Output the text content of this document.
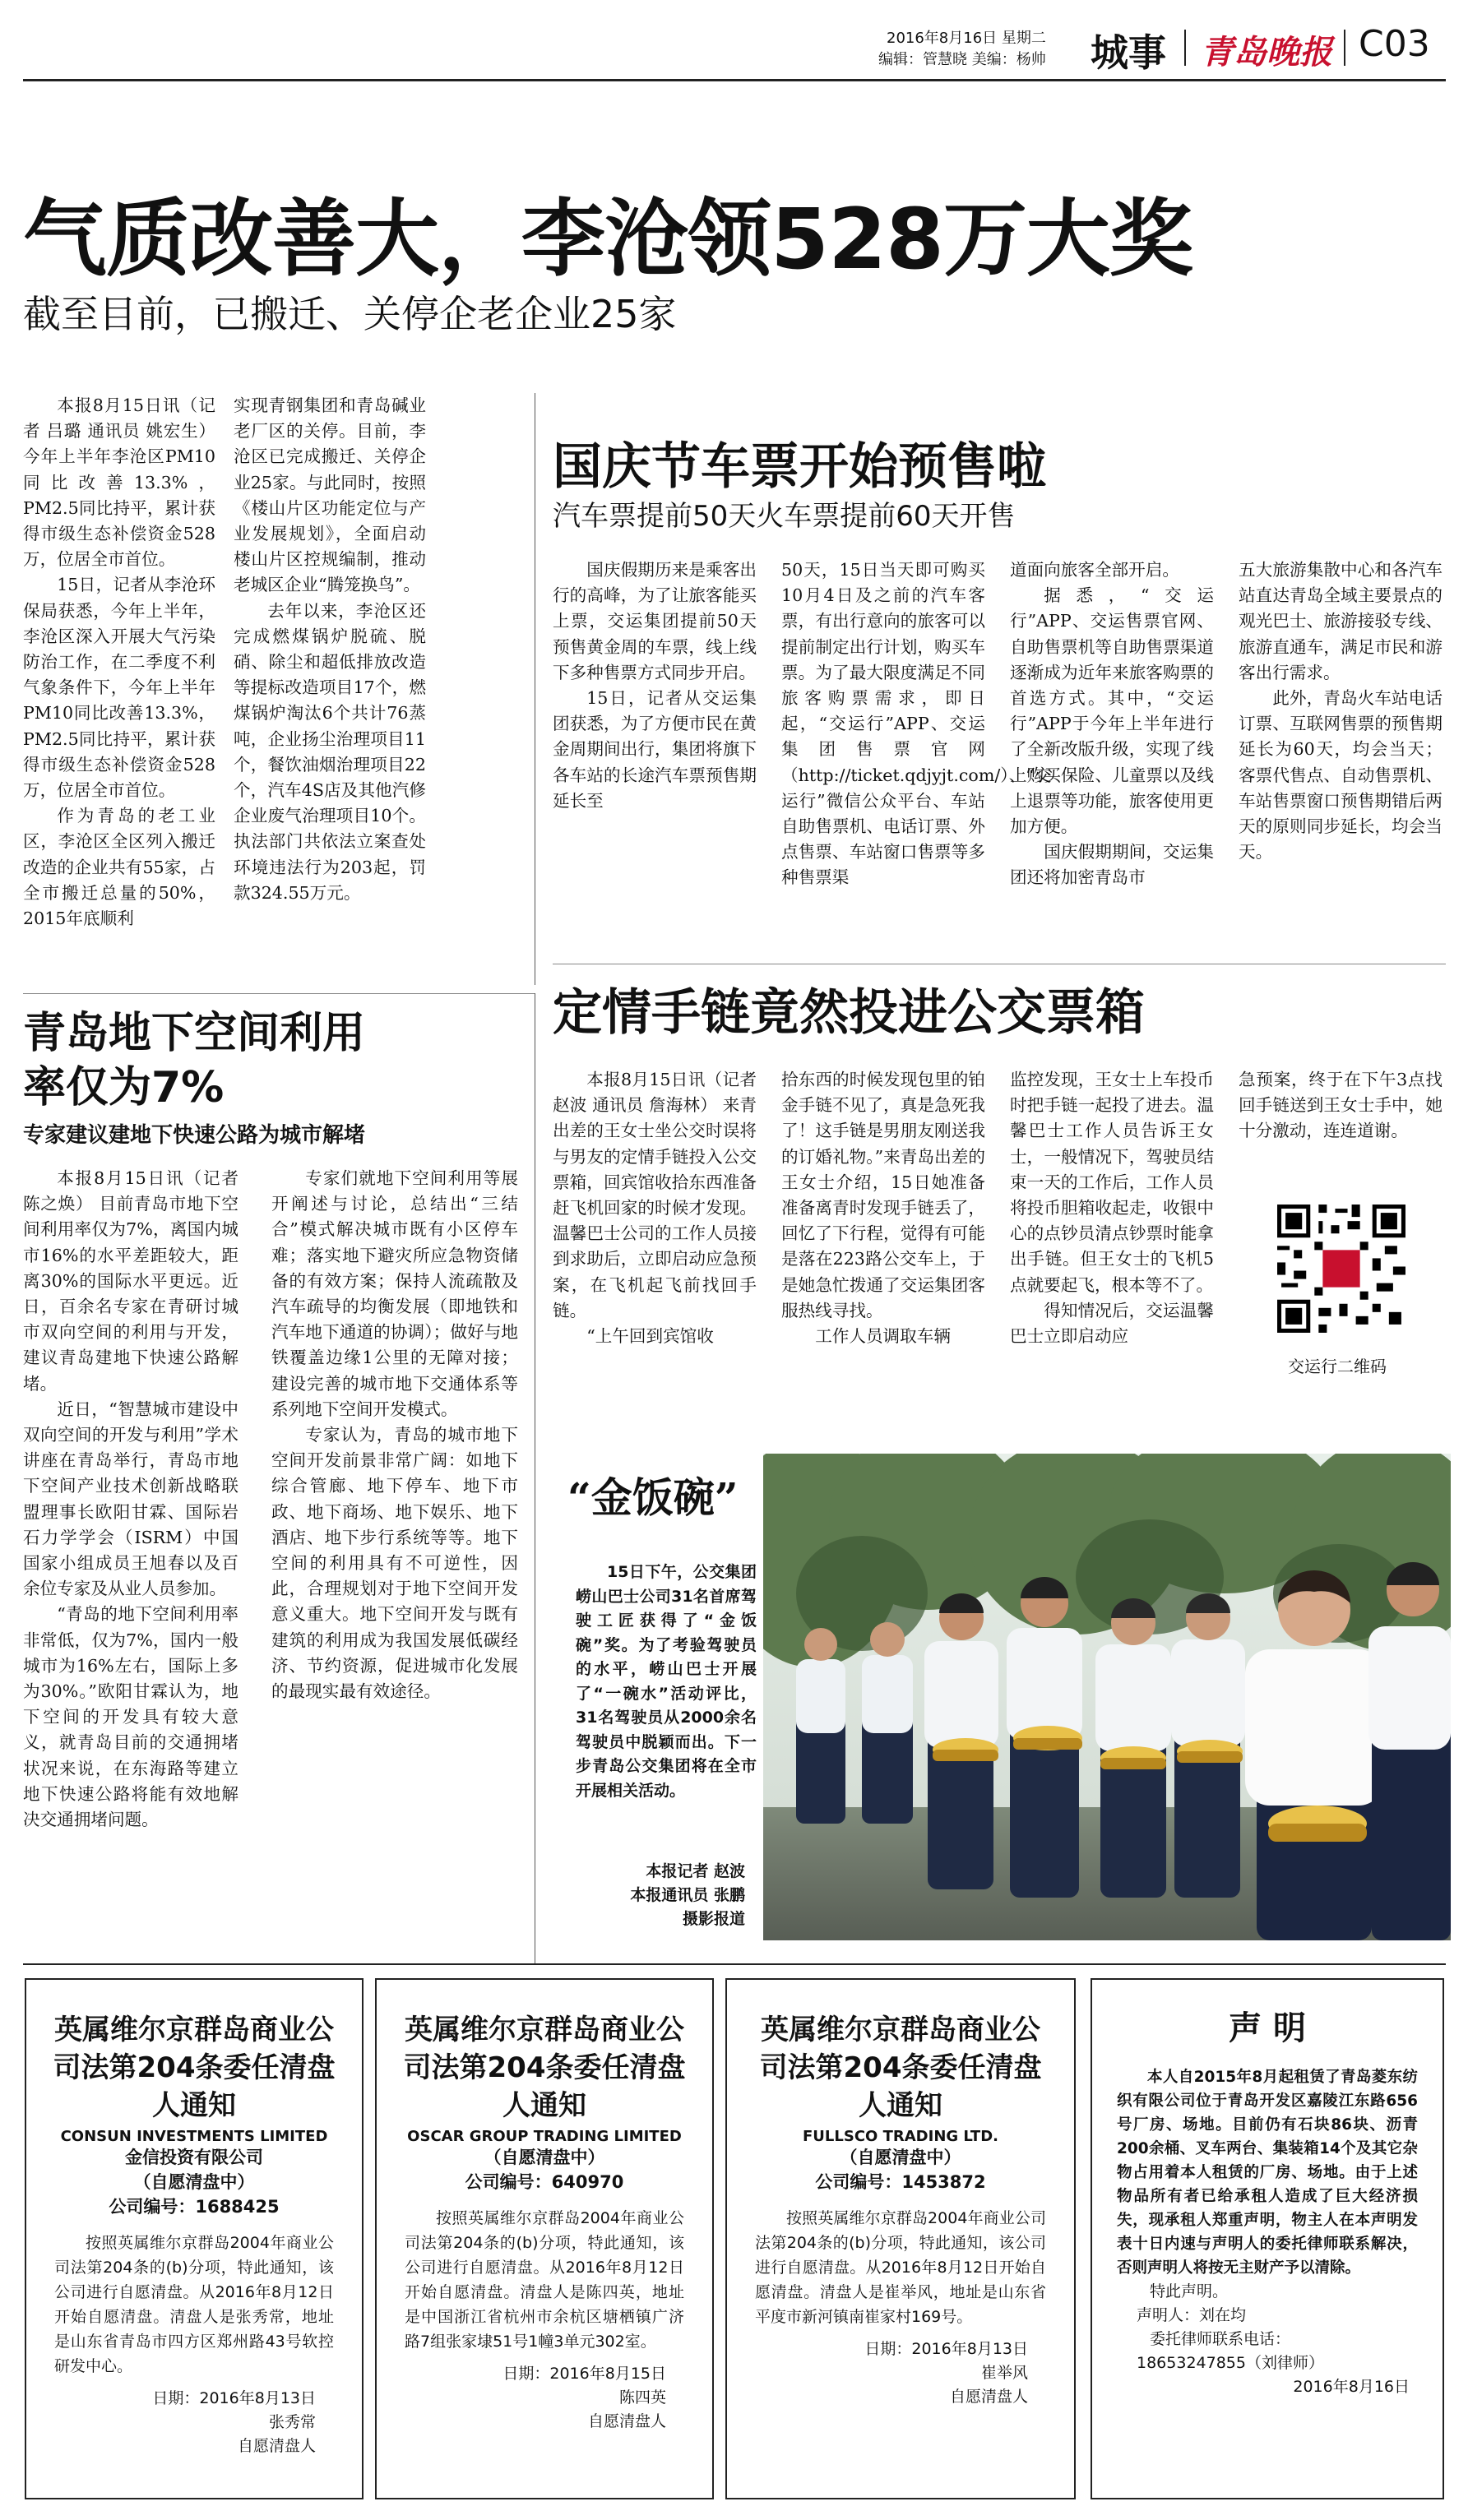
2016年8月16日 星期二
编辑：管慧晓 美编：杨帅 城事 青岛晚报 C03
气质改善大，李沧领528万大奖
截至目前，已搬迁、关停企老企业25家

本报8月15日讯（记者 吕璐 通讯员 姚宏生） 今年上半年李沧区PM10同比改善13.3%，PM2.5同比持平，累计获得市级生态补偿资金528万，位居全市首位。

15日，记者从李沧环保局获悉，今年上半年，李沧区深入开展大气污染防治工作，在二季度不利气象条件下，今年上半年PM10同比改善13.3%，PM2.5同比持平，累计获得市级生态补偿资金528万，位居全市首位。

作为青岛的老工业区，李沧区全区列入搬迁改造的企业共有55家，占全市搬迁总量的50%，2015年底顺利

实现青钢集团和青岛碱业老厂区的关停。目前，李沧区已完成搬迁、关停企业25家。与此同时，按照《楼山片区功能定位与产业发展规划》，全面启动楼山片区控规编制，推动老城区企业“腾笼换鸟”。

去年以来，李沧区还完成燃煤锅炉脱硫、脱硝、除尘和超低排放改造等提标改造项目17个，燃煤锅炉淘汰6个共计76蒸吨，企业扬尘治理项目11个，餐饮油烟治理项目22个，汽车4S店及其他汽修企业废气治理项目10个。执法部门共依法立案查处环境违法行为203起，罚款324.55万元。

国庆节车票开始预售啦
汽车票提前50天火车票提前60天开售

国庆假期历来是乘客出行的高峰，为了让旅客能买上票，交运集团提前50天预售黄金周的车票，线上线下多种售票方式同步开启。

15日，记者从交运集团获悉，为了方便市民在黄金周期间出行，集团将旗下各车站的长途汽车票预售期延长至

50天，15日当天即可购买10月4日及之前的汽车客票，有出行意向的旅客可以提前制定出行计划，购买车票。为了最大限度满足不同旅客购票需求，即日起，“交运行”APP、交运集团售票官网（http://ticket.qdjyjt.com/）、“交运行”微信公众平台、车站自助售票机、电话订票、外点售票、车站窗口售票等多种售票渠

道面向旅客全部开启。

据悉，“交运行”APP、交运售票官网、自助售票机等自助售票渠道逐渐成为近年来旅客购票的首选方式。其中，“交运行”APP于今年上半年进行了全新改版升级，实现了线上购买保险、儿童票以及线上退票等功能，旅客使用更加方便。

国庆假期期间，交运集团还将加密青岛市

五大旅游集散中心和各汽车站直达青岛全域主要景点的观光巴士、旅游接驳专线、旅游直通车，满足市民和游客出行需求。

此外，青岛火车站电话订票、互联网售票的预售期延长为60天，均会当天；客票代售点、自动售票机、车站售票窗口预售期错后两天的原则同步延长，均会当天。

青岛地下空间利用率仅为7%
专家建议建地下快速公路为城市解堵

本报8月15日讯（记者 陈之焕） 目前青岛市地下空间利用率仅为7%，离国内城市16%的水平差距较大，距离30%的国际水平更远。近日，百余名专家在青研讨城市双向空间的利用与开发，建议青岛建地下快速公路解堵。

近日，“智慧城市建设中双向空间的开发与利用”学术讲座在青岛举行，青岛市地下空间产业技术创新战略联盟理事长欧阳甘霖、国际岩石力学学会（ISRM）中国国家小组成员王旭春以及百余位专家及从业人员参加。

“青岛的地下空间利用率非常低，仅为7%，国内一般城市为16%左右，国际上多为30%。”欧阳甘霖认为，地下空间的开发具有较大意义，就青岛目前的交通拥堵状况来说，在东海路等建立地下快速公路将能有效地解决交通拥堵问题。

专家们就地下空间利用等展开阐述与讨论，总结出“三结合”模式解决城市既有小区停车难；落实地下避灾所应急物资储备的有效方案；保持人流疏散及汽车疏导的均衡发展（即地铁和汽车地下通道的协调）；做好与地铁覆盖边缘1公里的无障对接；建设完善的城市地下交通体系等系列地下空间开发模式。

专家认为，青岛的城市地下空间开发前景非常广阔：如地下综合管廊、地下停车、地下市政、地下商场、地下娱乐、地下酒店、地下步行系统等等。地下空间的利用具有不可逆性，因此，合理规划对于地下空间开发意义重大。地下空间开发与既有建筑的利用成为我国发展低碳经济、节约资源，促进城市化发展的最现实最有效途径。

定情手链竟然投进公交票箱

本报8月15日讯（记者 赵波 通讯员 詹海林） 来青出差的王女士坐公交时误将与男友的定情手链投入公交票箱，回宾馆收拾东西准备赶飞机回家的时候才发现。温馨巴士公司的工作人员接到求助后，立即启动应急预案，在飞机起飞前找回手链。

“上午回到宾馆收

拾东西的时候发现包里的铂金手链不见了，真是急死我了！这手链是男朋友刚送我的订婚礼物。”来青岛出差的王女士介绍，15日她准备准备离青时发现手链丢了，回忆了下行程，觉得有可能是落在223路公交车上，于是她急忙拨通了交运集团客服热线寻找。

工作人员调取车辆

监控发现，王女士上车投币时把手链一起投了进去。温馨巴士工作人员告诉王女士，一般情况下，驾驶员结束一天的工作后，工作人员将投币胆箱收起走，收银中心的点钞员清点钞票时能拿出手链。但王女士的飞机5点就要起飞，根本等不了。

得知情况后，交运温馨巴士立即启动应

急预案，终于在下午3点找回手链送到王女士手中，她十分激动，连连道谢。

交运行二维码
“金饭碗”

15日下午，公交集团崂山巴士公司31名首席驾驶工匠获得了“金饭碗”奖。为了考验驾驶员的水平，崂山巴士开展了“一碗水”活动评比，31名驾驶员从2000余名驾驶员中脱颖而出。下一步青岛公交集团将在全市开展相关活动。

本报记者 赵波
本报通讯员 张鹏
摄影报道
英属维尔京群岛商业公司法第204条委任清盘人通知
CONSUN INVESTMENTS LIMITED
金信投资有限公司
（自愿清盘中）
公司编号：1688425
按照英属维尔京群岛2004年商业公司法第204条的(b)分项，特此通知，该公司进行自愿清盘。从2016年8月12日开始自愿清盘。清盘人是张秀常，地址是山东省青岛市四方区郑州路43号软控研发中心。
日期：2016年8月13日
张秀常
自愿清盘人
英属维尔京群岛商业公司法第204条委任清盘人通知
OSCAR GROUP TRADING LIMITED
（自愿清盘中）
公司编号：640970
按照英属维尔京群岛2004年商业公司法第204条的(b)分项，特此通知，该公司进行自愿清盘。从2016年8月12日开始自愿清盘。清盘人是陈四英，地址是中国浙江省杭州市余杭区塘栖镇广济路7组张家埭51号1幢3单元302室。
日期：2016年8月15日
陈四英
自愿清盘人
英属维尔京群岛商业公司法第204条委任清盘人通知
FULLSCO TRADING LTD.
（自愿清盘中）
公司编号：1453872
按照英属维尔京群岛2004年商业公司法第204条的(b)分项，特此通知，该公司进行自愿清盘。从2016年8月12日开始自愿清盘。清盘人是崔举风，地址是山东省平度市新河镇南崔家村169号。
日期：2016年8月13日
崔举风
自愿清盘人
声 明
本人自2015年8月起租赁了青岛菱东纺织有限公司位于青岛开发区嘉陵江东路656号厂房、场地。目前仍有石块86块、沥青200余桶、叉车两台、集装箱14个及其它杂物占用着本人租赁的厂房、场地。由于上述物品所有者已给承租人造成了巨大经济损失，现承租人郑重声明，物主人在本声明发表十日内速与声明人的委托律师联系解决，否则声明人将按无主财产予以清除。
特此声明。
声明人：刘在均
委托律师联系电话：
18653247855（刘律师）
2016年8月16日
